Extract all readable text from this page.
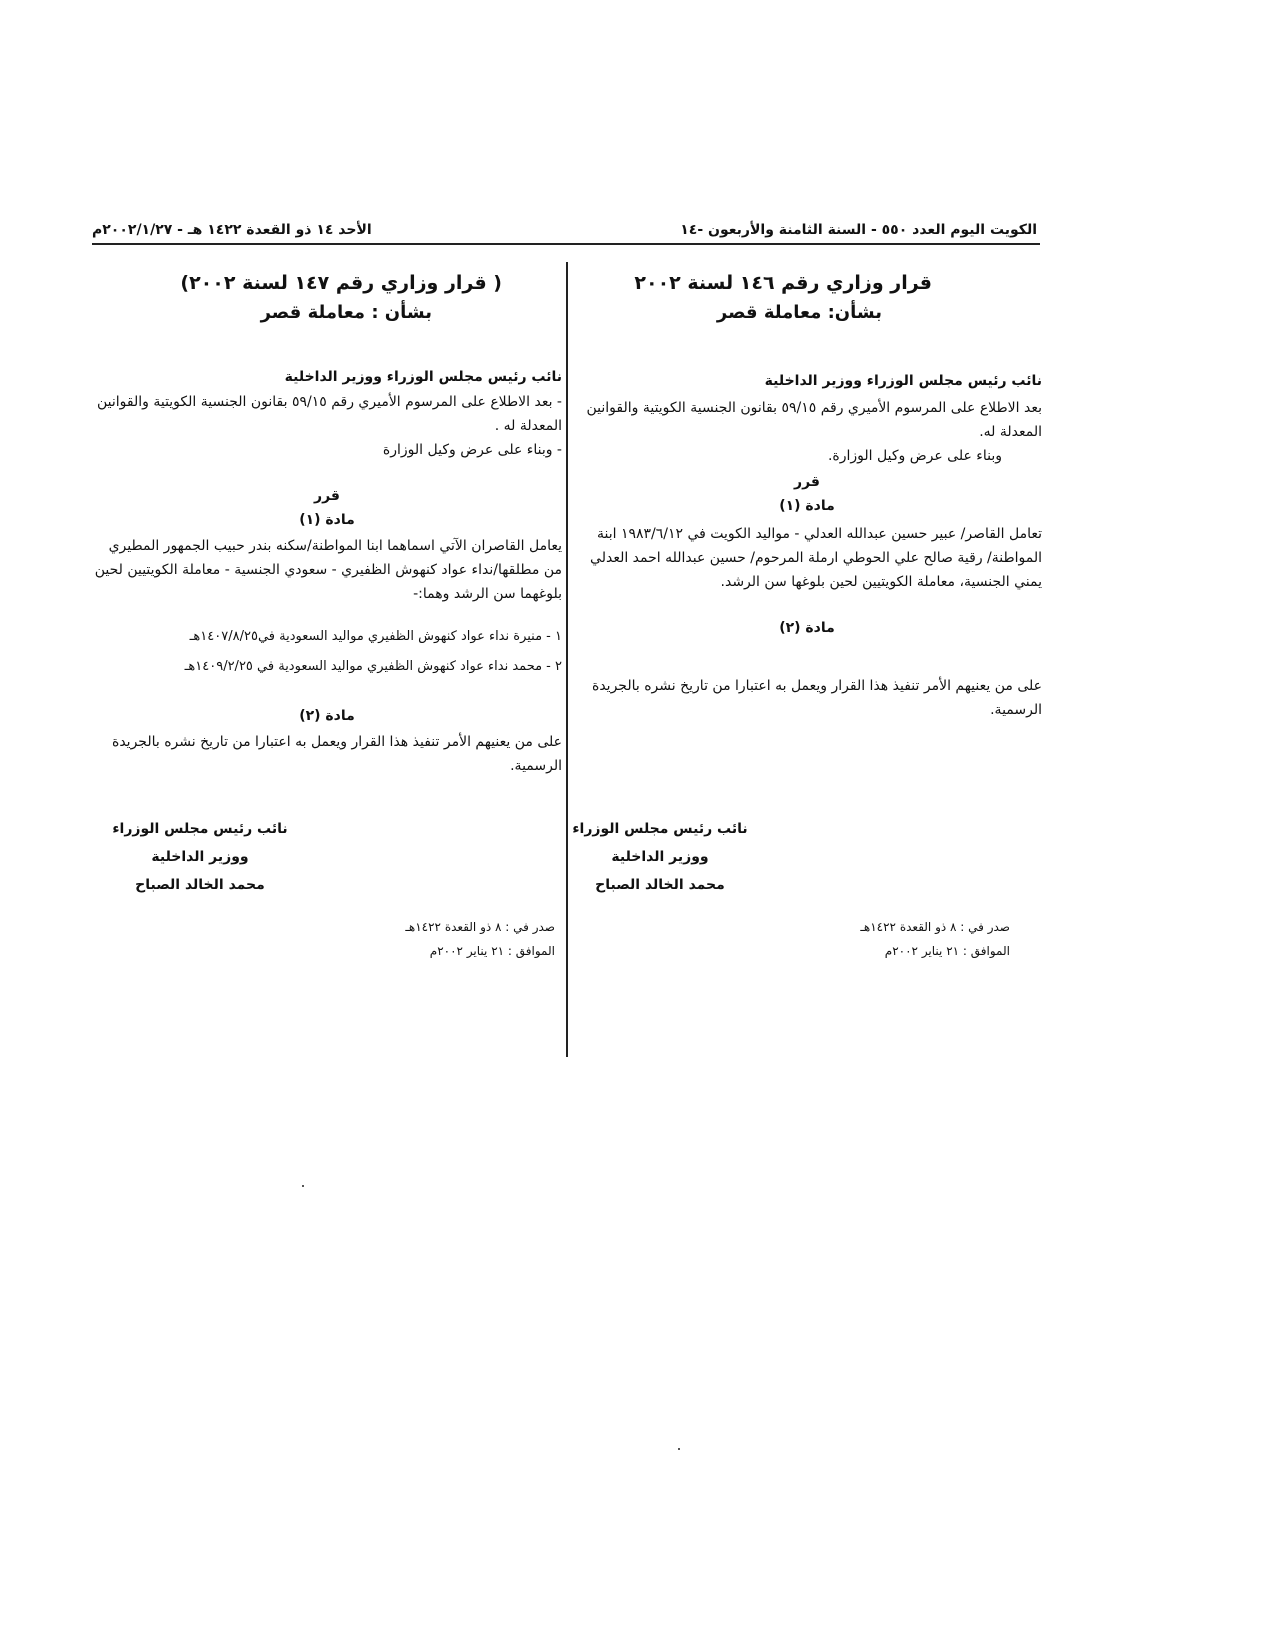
الكويت اليوم العدد ٥٥٠ - السنة الثامنة والأربعون -١٤
الأحد ١٤ ذو القعدة ١٤٢٢ هـ - ٢٠٠٢/١/٢٧م

قرار وزاري رقم ١٤٦ لسنة ٢٠٠٢

بشأن: معاملة قصر

نائب رئيس مجلس الوزراء ووزير الداخلية
بعد الاطلاع على المرسوم الأميري رقم ٥٩/١٥ بقانون الجنسية الكويتية والقوانين المعدلة له.
وبناء على عرض وكيل الوزارة.
قرر
مادة (١)
تعامل القاصر/ عبير حسين عبدالله العدلي - مواليد الكويت في ١٩٨٣/٦/١٢ ابنة المواطنة/ رقية صالح علي الحوطي ارملة المرحوم/ حسين عبدالله احمد العدلي يمني الجنسية، معاملة الكويتيين لحين بلوغها سن الرشد.
مادة (٢)
على من يعنيهم الأمر تنفيذ هذا القرار ويعمل به اعتبارا من تاريخ نشره بالجريدة الرسمية.
نائب رئيس مجلس الوزراء
ووزير الداخلية
محمد الخالد الصباح
صدر في : ٨ ذو القعدة ١٤٢٢هـ
الموافق : ٢١ يناير ٢٠٠٢م

( قرار وزاري رقم ١٤٧ لسنة ٢٠٠٢)

بشأن : معاملة قصر

نائب رئيس مجلس الوزراء ووزير الداخلية
- بعد الاطلاع على المرسوم الأميري رقم ٥٩/١٥ بقانون الجنسية الكويتية والقوانين المعدلة له .
- وبناء على عرض وكيل الوزارة
قرر
مادة (١)
يعامل القاصران الآتي اسماهما ابنا المواطنة/سكنه بندر حبيب الجمهور المطيري من مطلقها/نداء عواد كنهوش الظفيري - سعودي الجنسية - معاملة الكويتيين لحين بلوغهما سن الرشد وهما:-
١ - منيرة نداء عواد كنهوش الظفيري مواليد السعودية في١٤٠٧/٨/٢٥هـ
٢ - محمد نداء عواد كنهوش الظفيري مواليد السعودية في ١٤٠٩/٢/٢٥هـ
مادة (٢)
على من يعنيهم الأمر تنفيذ هذا القرار ويعمل به اعتبارا من تاريخ نشره بالجريدة الرسمية.
نائب رئيس مجلس الوزراء
ووزير الداخلية
محمد الخالد الصباح
صدر في : ٨ ذو القعدة ١٤٢٢هـ
الموافق : ٢١ يناير ٢٠٠٢م
